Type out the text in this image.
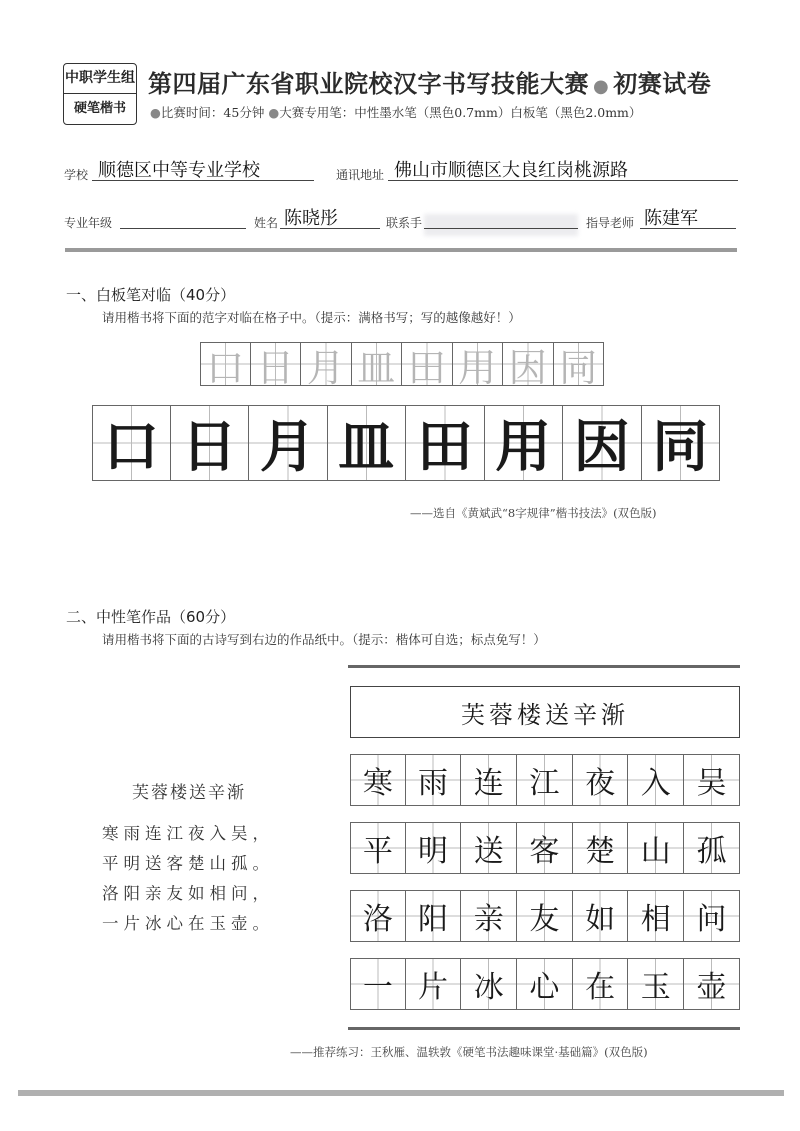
中职学生组
硬笔楷书
第四届广东省职业院校汉字书写技能大赛 ● 初赛试卷
●比赛时间：45分钟 ●大赛专用笔：中性墨水笔（黑色0.7mm）白板笔（黑色2.0mm）
学校 顺德区中等专业学校	通讯地址 佛山市顺德区大良红岗桃源路
专业年级	姓名 陈晓彤	联系手	指导老师 陈建军
一、白板笔对临（40分）
请用楷书将下面的范字对临在格子中。（提示：满格书写；写的越像越好！）
口 日 月 皿 田 用 因 同
口 日 月 皿 田 用 因 同
——选自《黄斌武“8字规律”楷书技法》(双色版)
二、中性笔作品（60分）
请用楷书将下面的古诗写到右边的作品纸中。（提示：楷体可自选；标点免写！）
芙蓉楼送辛渐
寒雨连江夜入吴，
平明送客楚山孤。
洛阳亲友如相问，
一片冰心在玉壶。
芙蓉楼送辛渐
寒 雨 连 江 夜 入 吴
平 明 送 客 楚 山 孤
洛 阳 亲 友 如 相 问
一 片 冰 心 在 玉 壶
——推荐练习：王秋雁、温轶敦《硬笔书法趣味课堂·基础篇》(双色版)
